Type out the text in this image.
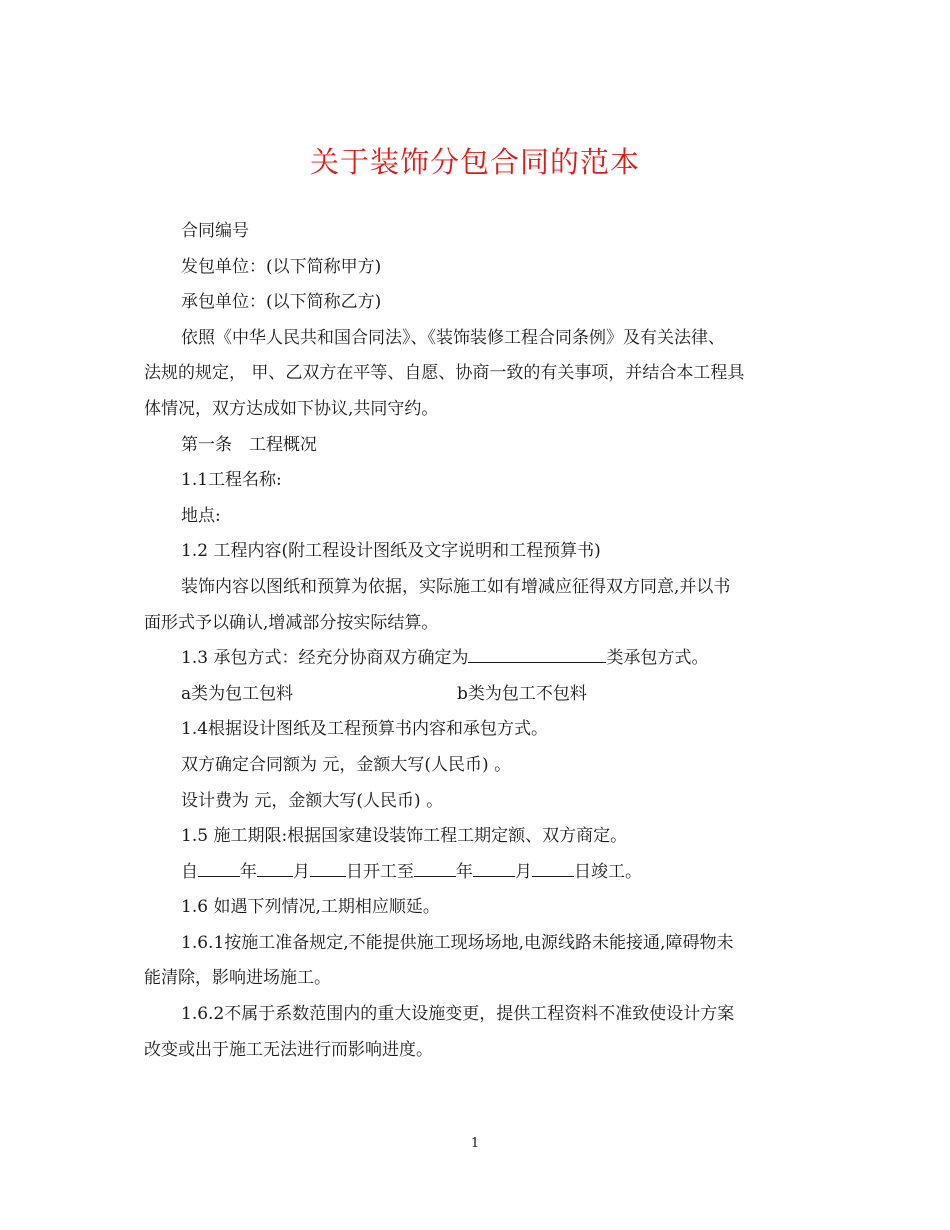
关于装饰分包合同的范本
合同编号
发包单位：(以下简称甲方)
承包单位：(以下简称乙方)
依照《中华人民共和国合同法》、《装饰装修工程合同条例》及有关法律、
法规的规定， 甲、乙双方在平等、自愿、协商一致的有关事项，并结合本工程具
体情况，双方达成如下协议,共同守约。
第一条　工程概况
1.1工程名称:
地点:
1.2 工程内容(附工程设计图纸及文字说明和工程预算书)
装饰内容以图纸和预算为依据，实际施工如有增减应征得双方同意,并以书
面形式予以确认,增减部分按实际结算。
1.3 承包方式：经充分协商双方确定为	类承包方式。
a类为包工包料	b类为包工不包料
1.4根据设计图纸及工程预算书内容和承包方式。
双方确定合同额为 元，金额大写(人民币) 。
设计费为 元，金额大写(人民币) 。
1.5 施工期限:根据国家建设装饰工程工期定额、双方商定。
自 年 月 日开工至 年 月 日竣工。
1.6 如遇下列情况,工期相应顺延。
1.6.1按施工准备规定,不能提供施工现场场地,电源线路未能接通,障碍物未
能清除，影响进场施工。
1.6.2不属于系数范围内的重大设施变更，提供工程资料不准致使设计方案
改变或出于施工无法进行而影响进度。
1
